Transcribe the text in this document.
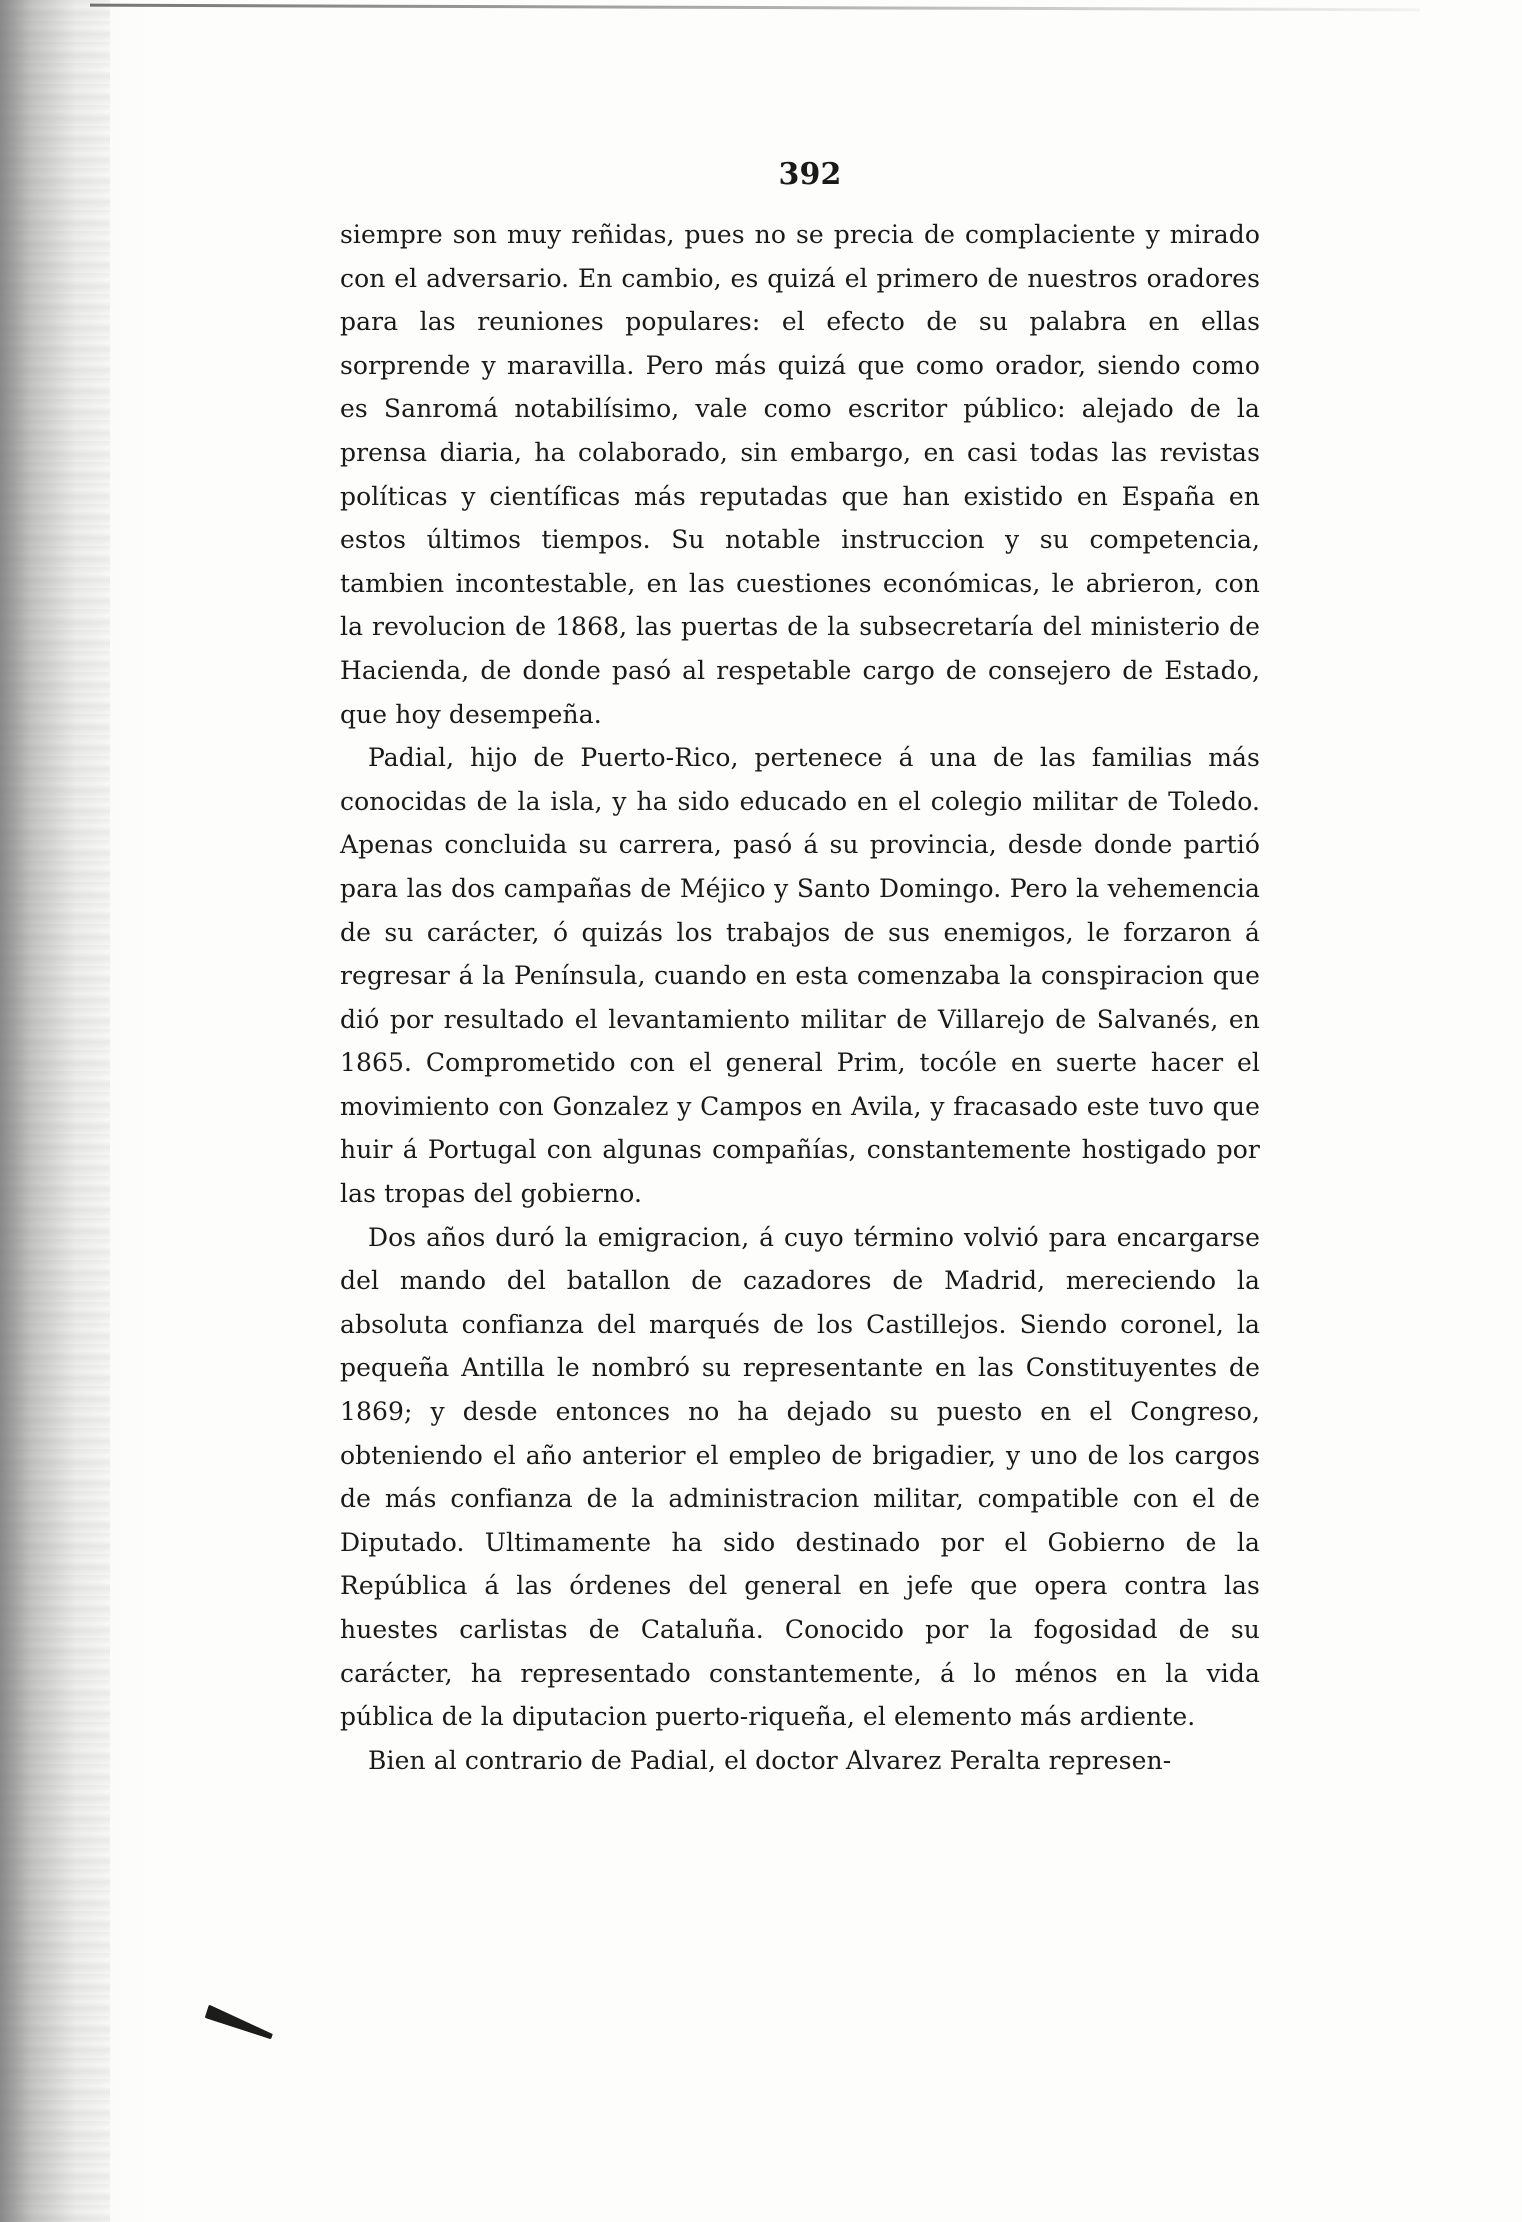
392

siempre son muy reñidas, pues no se precia de complaciente y mirado con el adversario. En cambio, es quizá el primero de nuestros oradores para las reuniones populares: el efecto de su palabra en ellas sorprende y maravilla. Pero más quizá que como orador, siendo como es Sanromá notabilísimo, vale como escritor público: alejado de la prensa diaria, ha colaborado, sin embargo, en casi todas las revistas políticas y científicas más reputadas que han existido en España en estos últimos tiempos. Su notable instruccion y su competencia, tambien incontestable, en las cuestiones económicas, le abrieron, con la revolucion de 1868, las puertas de la subsecretaría del ministerio de Hacienda, de donde pasó al respetable cargo de consejero de Estado, que hoy desempeña.

Padial, hijo de Puerto-Rico, pertenece á una de las familias más conocidas de la isla, y ha sido educado en el colegio militar de Toledo. Apenas concluida su carrera, pasó á su provincia, desde donde partió para las dos campañas de Méjico y Santo Domingo. Pero la vehemencia de su carácter, ó quizás los trabajos de sus enemigos, le forzaron á regresar á la Península, cuando en esta comenzaba la conspiracion que dió por resultado el levantamiento militar de Villarejo de Salvanés, en 1865. Comprometido con el general Prim, tocóle en suerte hacer el movimiento con Gonzalez y Campos en Avila, y fracasado este tuvo que huir á Portugal con algunas compañías, constantemente hostigado por las tropas del gobierno.

Dos años duró la emigracion, á cuyo término volvió para encargarse del mando del batallon de cazadores de Madrid, mereciendo la absoluta confianza del marqués de los Castillejos. Siendo coronel, la pequeña Antilla le nombró su representante en las Constituyentes de 1869; y desde entonces no ha dejado su puesto en el Congreso, obteniendo el año anterior el empleo de brigadier, y uno de los cargos de más confianza de la administracion militar, compatible con el de Diputado. Ultimamente ha sido destinado por el Gobierno de la República á las órdenes del general en jefe que opera contra las huestes carlistas de Cataluña. Conocido por la fogosidad de su carácter, ha representado constantemente, á lo ménos en la vida pública de la diputacion puerto-riqueña, el elemento más ardiente.

Bien al contrario de Padial, el doctor Alvarez Peralta represen-
